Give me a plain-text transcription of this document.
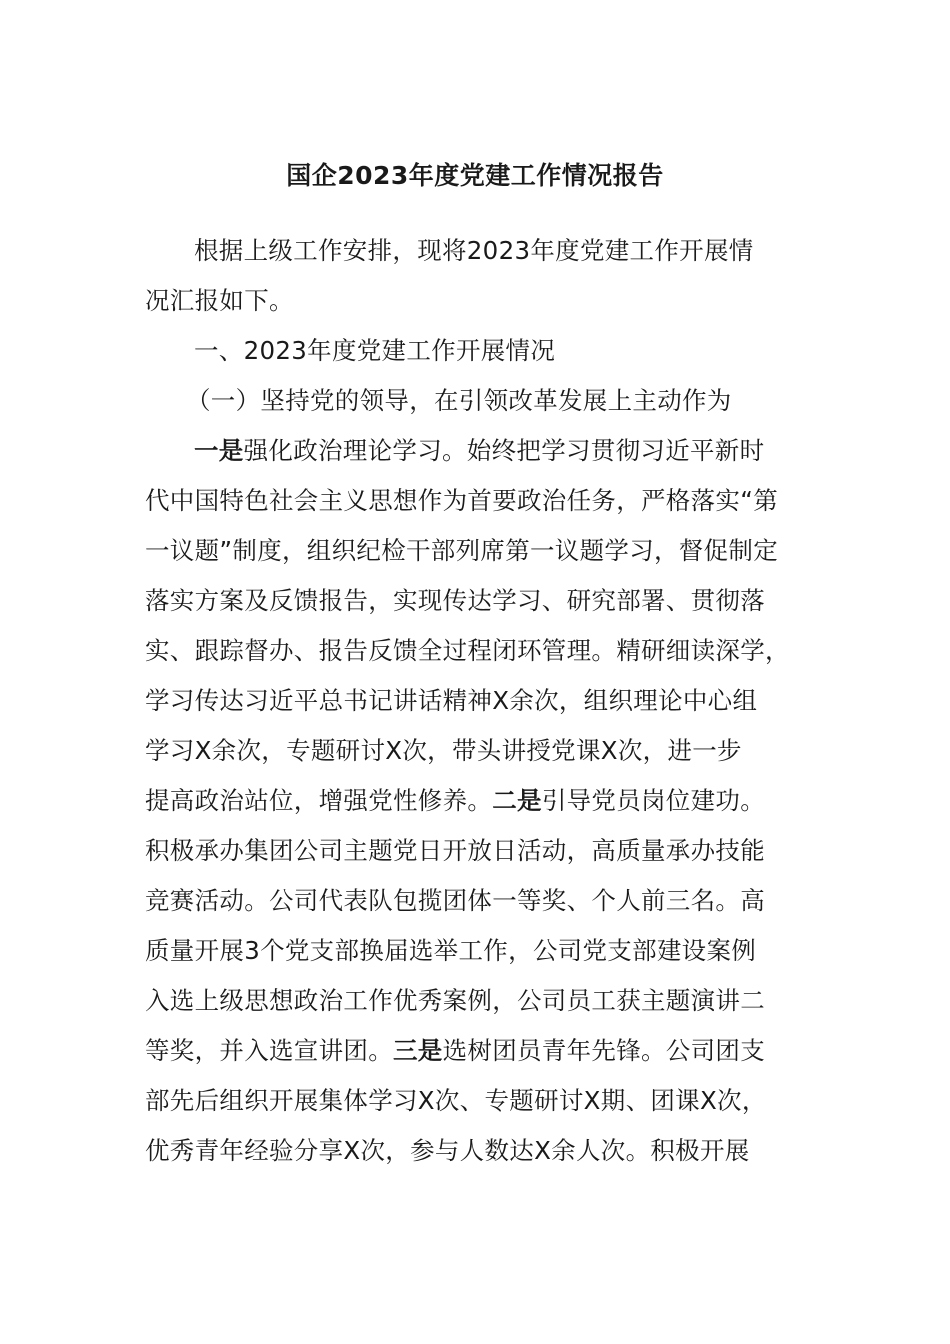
国企2023年度党建工作情况报告

根据上级工作安排，现将2023年度党建工作开展情

况汇报如下。

一、2023年度党建工作开展情况

（一）坚持党的领导，在引领改革发展上主动作为

一是强化政治理论学习。始终把学习贯彻习近平新时

代中国特色社会主义思想作为首要政治任务，严格落实“第

一议题”制度，组织纪检干部列席第一议题学习，督促制定

落实方案及反馈报告，实现传达学习、研究部署、贯彻落

实、跟踪督办、报告反馈全过程闭环管理。精研细读深学，

学习传达习近平总书记讲话精神X余次，组织理论中心组

学习X余次，专题研讨X次，带头讲授党课X次，进一步

提高政治站位，增强党性修养。二是引导党员岗位建功。

积极承办集团公司主题党日开放日活动，高质量承办技能

竞赛活动。公司代表队包揽团体一等奖、个人前三名。高

质量开展3个党支部换届选举工作，公司党支部建设案例

入选上级思想政治工作优秀案例，公司员工获主题演讲二

等奖，并入选宣讲团。三是选树团员青年先锋。公司团支

部先后组织开展集体学习X次、专题研讨X期、团课X次，

优秀青年经验分享X次，参与人数达X余人次。积极开展
